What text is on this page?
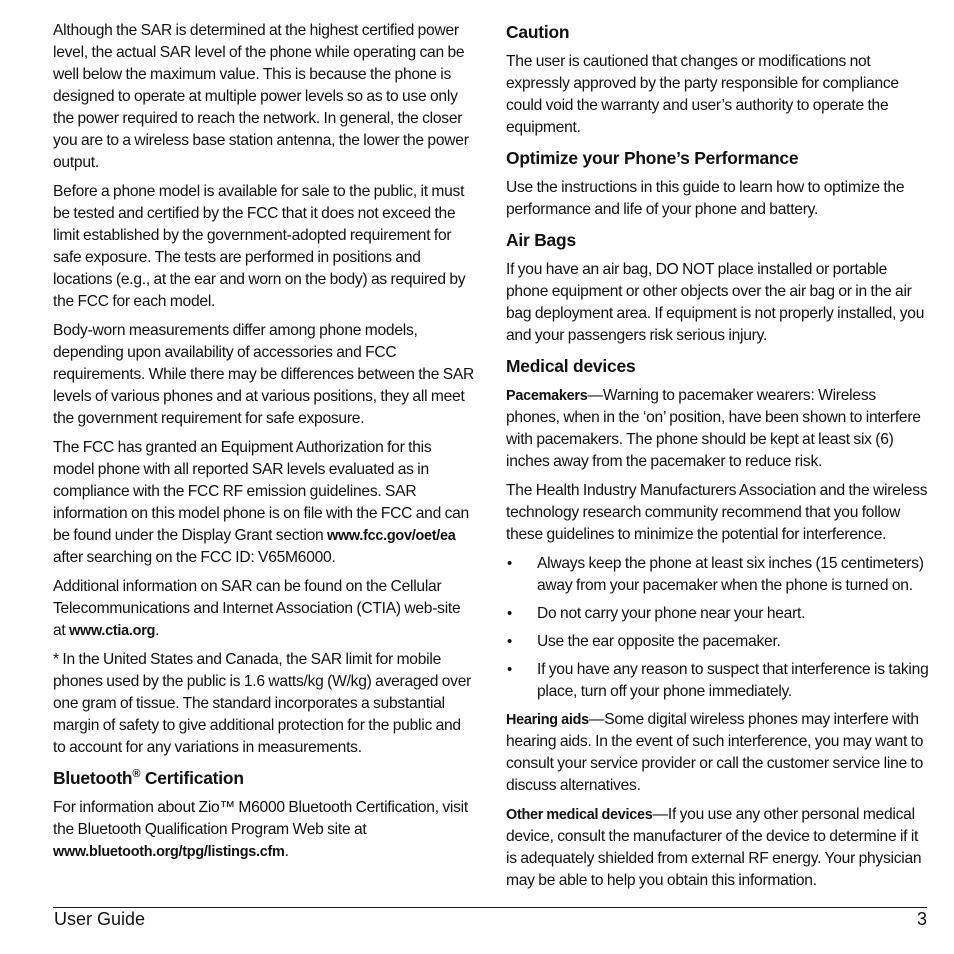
Although the SAR is determined at the highest certified power level, the actual SAR level of the phone while operating can be well below the maximum value. This is because the phone is designed to operate at multiple power levels so as to use only the power required to reach the network. In general, the closer you are to a wireless base station antenna, the lower the power output.

Before a phone model is available for sale to the public, it must be tested and certified by the FCC that it does not exceed the limit established by the government-adopted requirement for safe exposure. The tests are performed in positions and locations (e.g., at the ear and worn on the body) as required by the FCC for each model.

Body-worn measurements differ among phone models, depending upon availability of accessories and FCC requirements. While there may be differences between the SAR levels of various phones and at various positions, they all meet the government requirement for safe exposure.

The FCC has granted an Equipment Authorization for this model phone with all reported SAR levels evaluated as in compliance with the FCC RF emission guidelines. SAR information on this model phone is on file with the FCC and can be found under the Display Grant section www.fcc.gov/oet/ea after searching on the FCC ID: V65M6000.

Additional information on SAR can be found on the Cellular Telecommunications and Internet Association (CTIA) web-site at www.ctia.org.

* In the United States and Canada, the SAR limit for mobile phones used by the public is 1.6 watts/kg (W/kg) averaged over one gram of tissue. The standard incorporates a substantial margin of safety to give additional protection for the public and to account for any variations in measurements.

Bluetooth® Certification

For information about Zio™ M6000 Bluetooth Certification, visit the Bluetooth Qualification Program Web site at www.bluetooth.org/tpg/listings.cfm.

Caution

The user is cautioned that changes or modifications not expressly approved by the party responsible for compliance could void the warranty and user’s authority to operate the equipment.

Optimize your Phone’s Performance

Use the instructions in this guide to learn how to optimize the performance and life of your phone and battery.

Air Bags

If you have an air bag, DO NOT place installed or portable phone equipment or other objects over the air bag or in the air bag deployment area. If equipment is not properly installed, you and your passengers risk serious injury.

Medical devices

Pacemakers—Warning to pacemaker wearers: Wireless phones, when in the ‘on’ position, have been shown to interfere with pacemakers. The phone should be kept at least six (6) inches away from the pacemaker to reduce risk.

The Health Industry Manufacturers Association and the wireless technology research community recommend that you follow these guidelines to minimize the potential for interference.

• Always keep the phone at least six inches (15 centimeters) away from your pacemaker when the phone is turned on.

• Do not carry your phone near your heart.

• Use the ear opposite the pacemaker.

• If you have any reason to suspect that interference is taking place, turn off your phone immediately.

Hearing aids—Some digital wireless phones may interfere with hearing aids. In the event of such interference, you may want to consult your service provider or call the customer service line to discuss alternatives.

Other medical devices—If you use any other personal medical device, consult the manufacturer of the device to determine if it is adequately shielded from external RF energy. Your physician may be able to help you obtain this information.

User Guide	3
